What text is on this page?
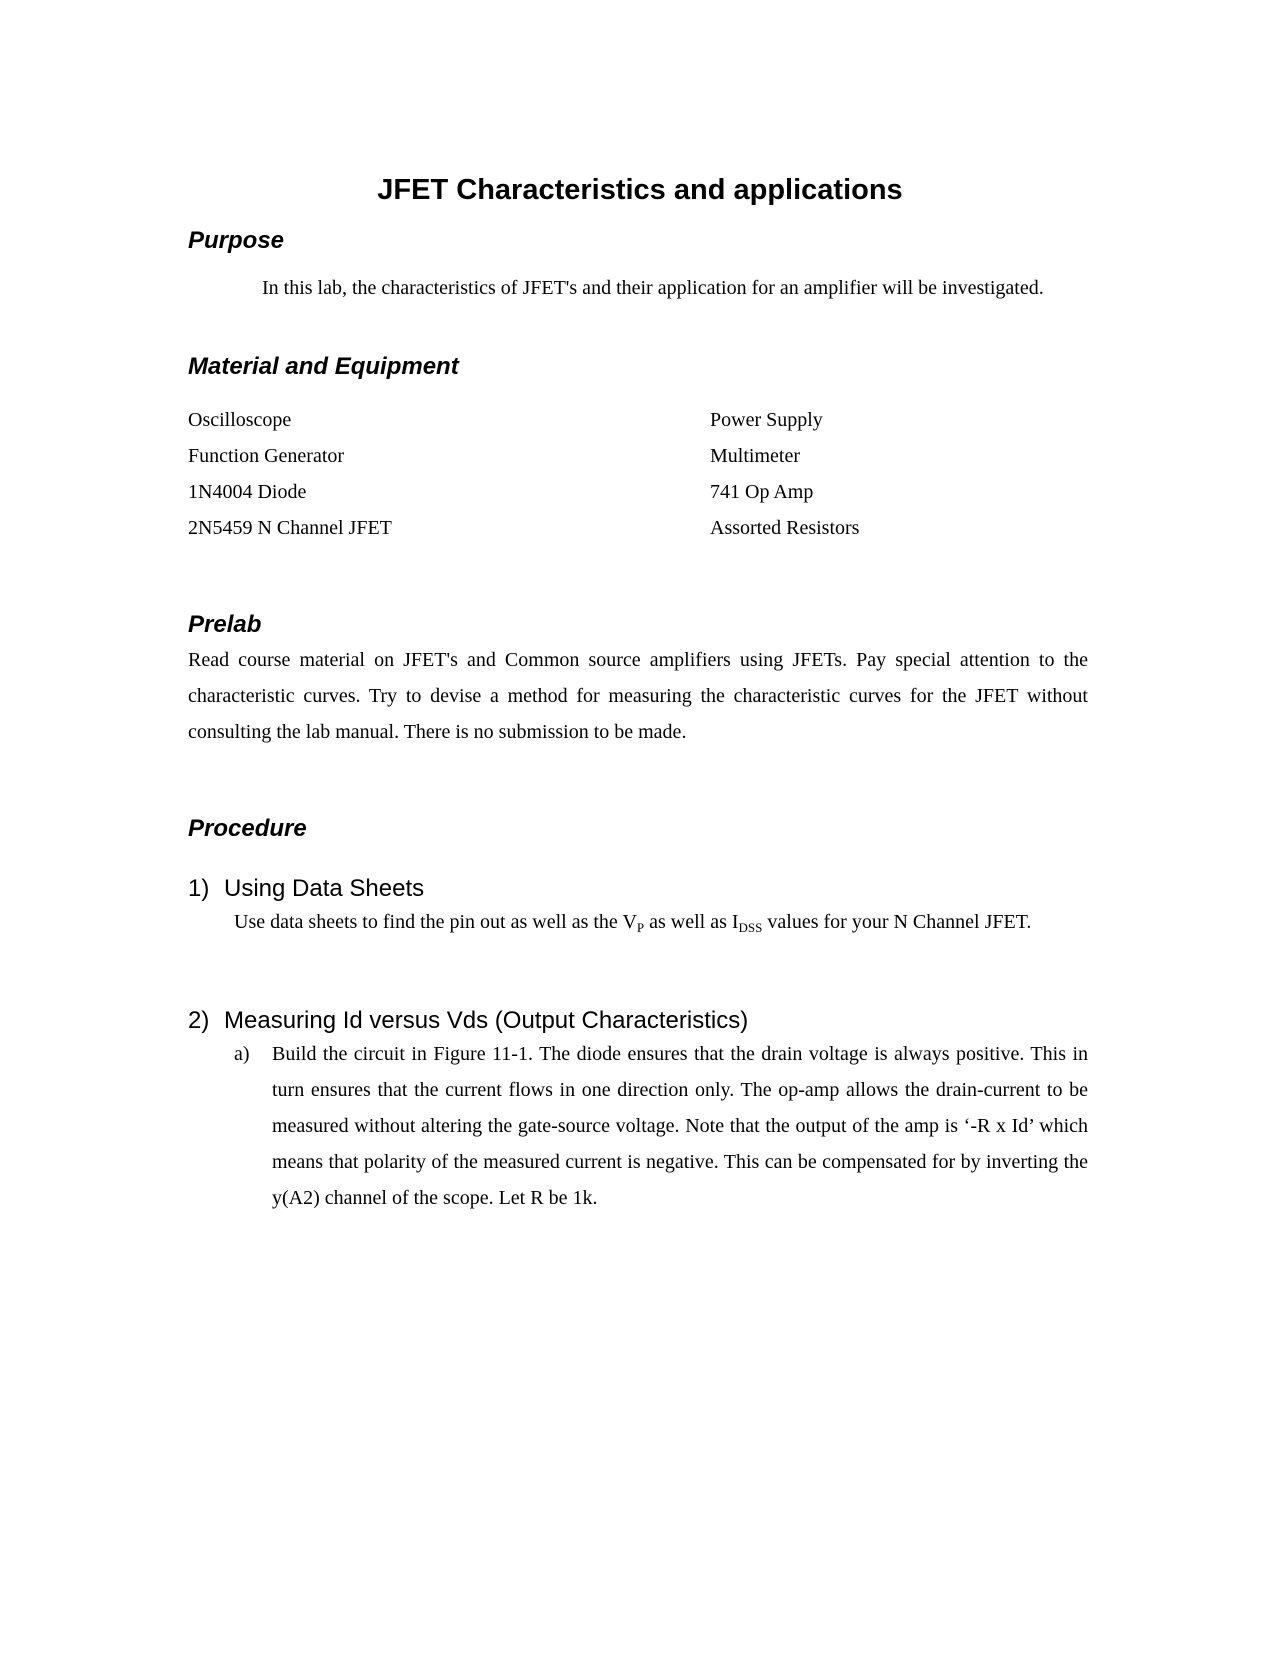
JFET Characteristics and applications
Purpose
In this lab, the characteristics of JFET's and their application for an amplifier will be investigated.
Material and Equipment
Oscilloscope	Power Supply
Function Generator	Multimeter
1N4004 Diode	741 Op Amp
2N5459 N Channel JFET	Assorted Resistors
Prelab
Read course material on JFET's and Common source amplifiers using JFETs. Pay special attention to the characteristic curves. Try to devise a method for measuring the characteristic curves for the JFET without consulting the lab manual. There is no submission to be made.
Procedure
1) Using Data Sheets
Use data sheets to find the pin out as well as the $V_P$ as well as $I_{DSS}$ values for your N Channel JFET.
2) Measuring Id versus Vds (Output Characteristics)
a)	Build the circuit in Figure 11-1. The diode ensures that the drain voltage is always positive. This in turn ensures that the current flows in one direction only. The op-amp allows the drain-current to be measured without altering the gate-source voltage. Note that the output of the amp is ‘-R x Id’ which means that polarity of the measured current is negative. This can be compensated for by inverting the y(A2) channel of the scope. Let R be 1k.
